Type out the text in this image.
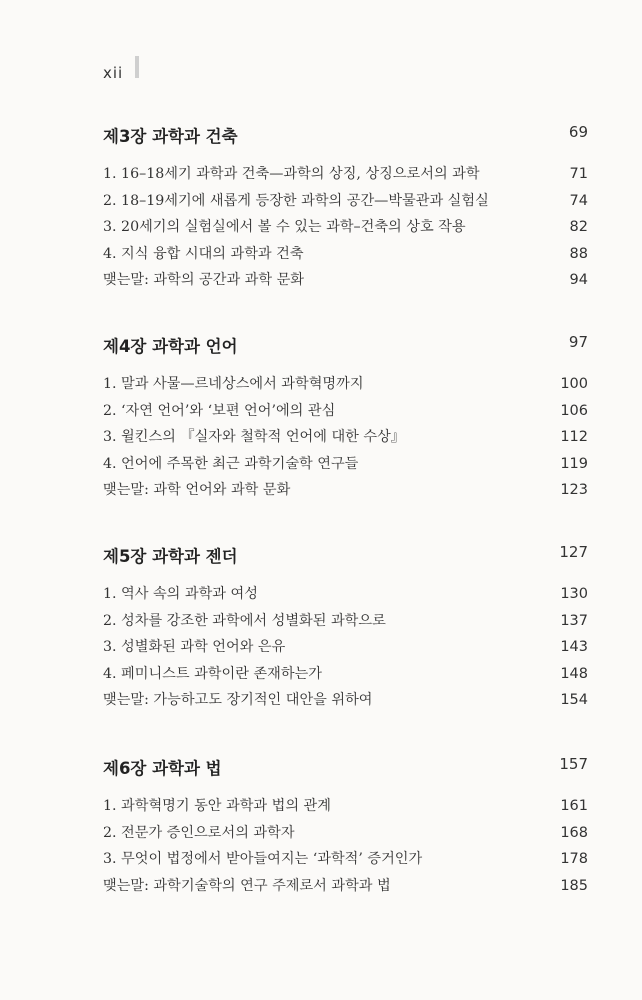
xii
제3장 과학과 건축	69
1. 16–18세기 과학과 건축—과학의 상징, 상징으로서의 과학	71
2. 18–19세기에 새롭게 등장한 과학의 공간—박물관과 실험실	74
3. 20세기의 실험실에서 볼 수 있는 과학–건축의 상호 작용	82
4. 지식 융합 시대의 과학과 건축	88
맺는말: 과학의 공간과 과학 문화	94
제4장 과학과 언어	97
1. 말과 사물—르네상스에서 과학혁명까지	100
2. ‘자연 언어’와 ‘보편 언어’에의 관심	106
3. 윌킨스의 『실자와 철학적 언어에 대한 수상』	112
4. 언어에 주목한 최근 과학기술학 연구들	119
맺는말: 과학 언어와 과학 문화	123
제5장 과학과 젠더	127
1. 역사 속의 과학과 여성	130
2. 성차를 강조한 과학에서 성별화된 과학으로	137
3. 성별화된 과학 언어와 은유	143
4. 페미니스트 과학이란 존재하는가	148
맺는말: 가능하고도 장기적인 대안을 위하여	154
제6장 과학과 법	157
1. 과학혁명기 동안 과학과 법의 관계	161
2. 전문가 증인으로서의 과학자	168
3. 무엇이 법정에서 받아들여지는 ‘과학적’ 증거인가	178
맺는말: 과학기술학의 연구 주제로서 과학과 법	185
